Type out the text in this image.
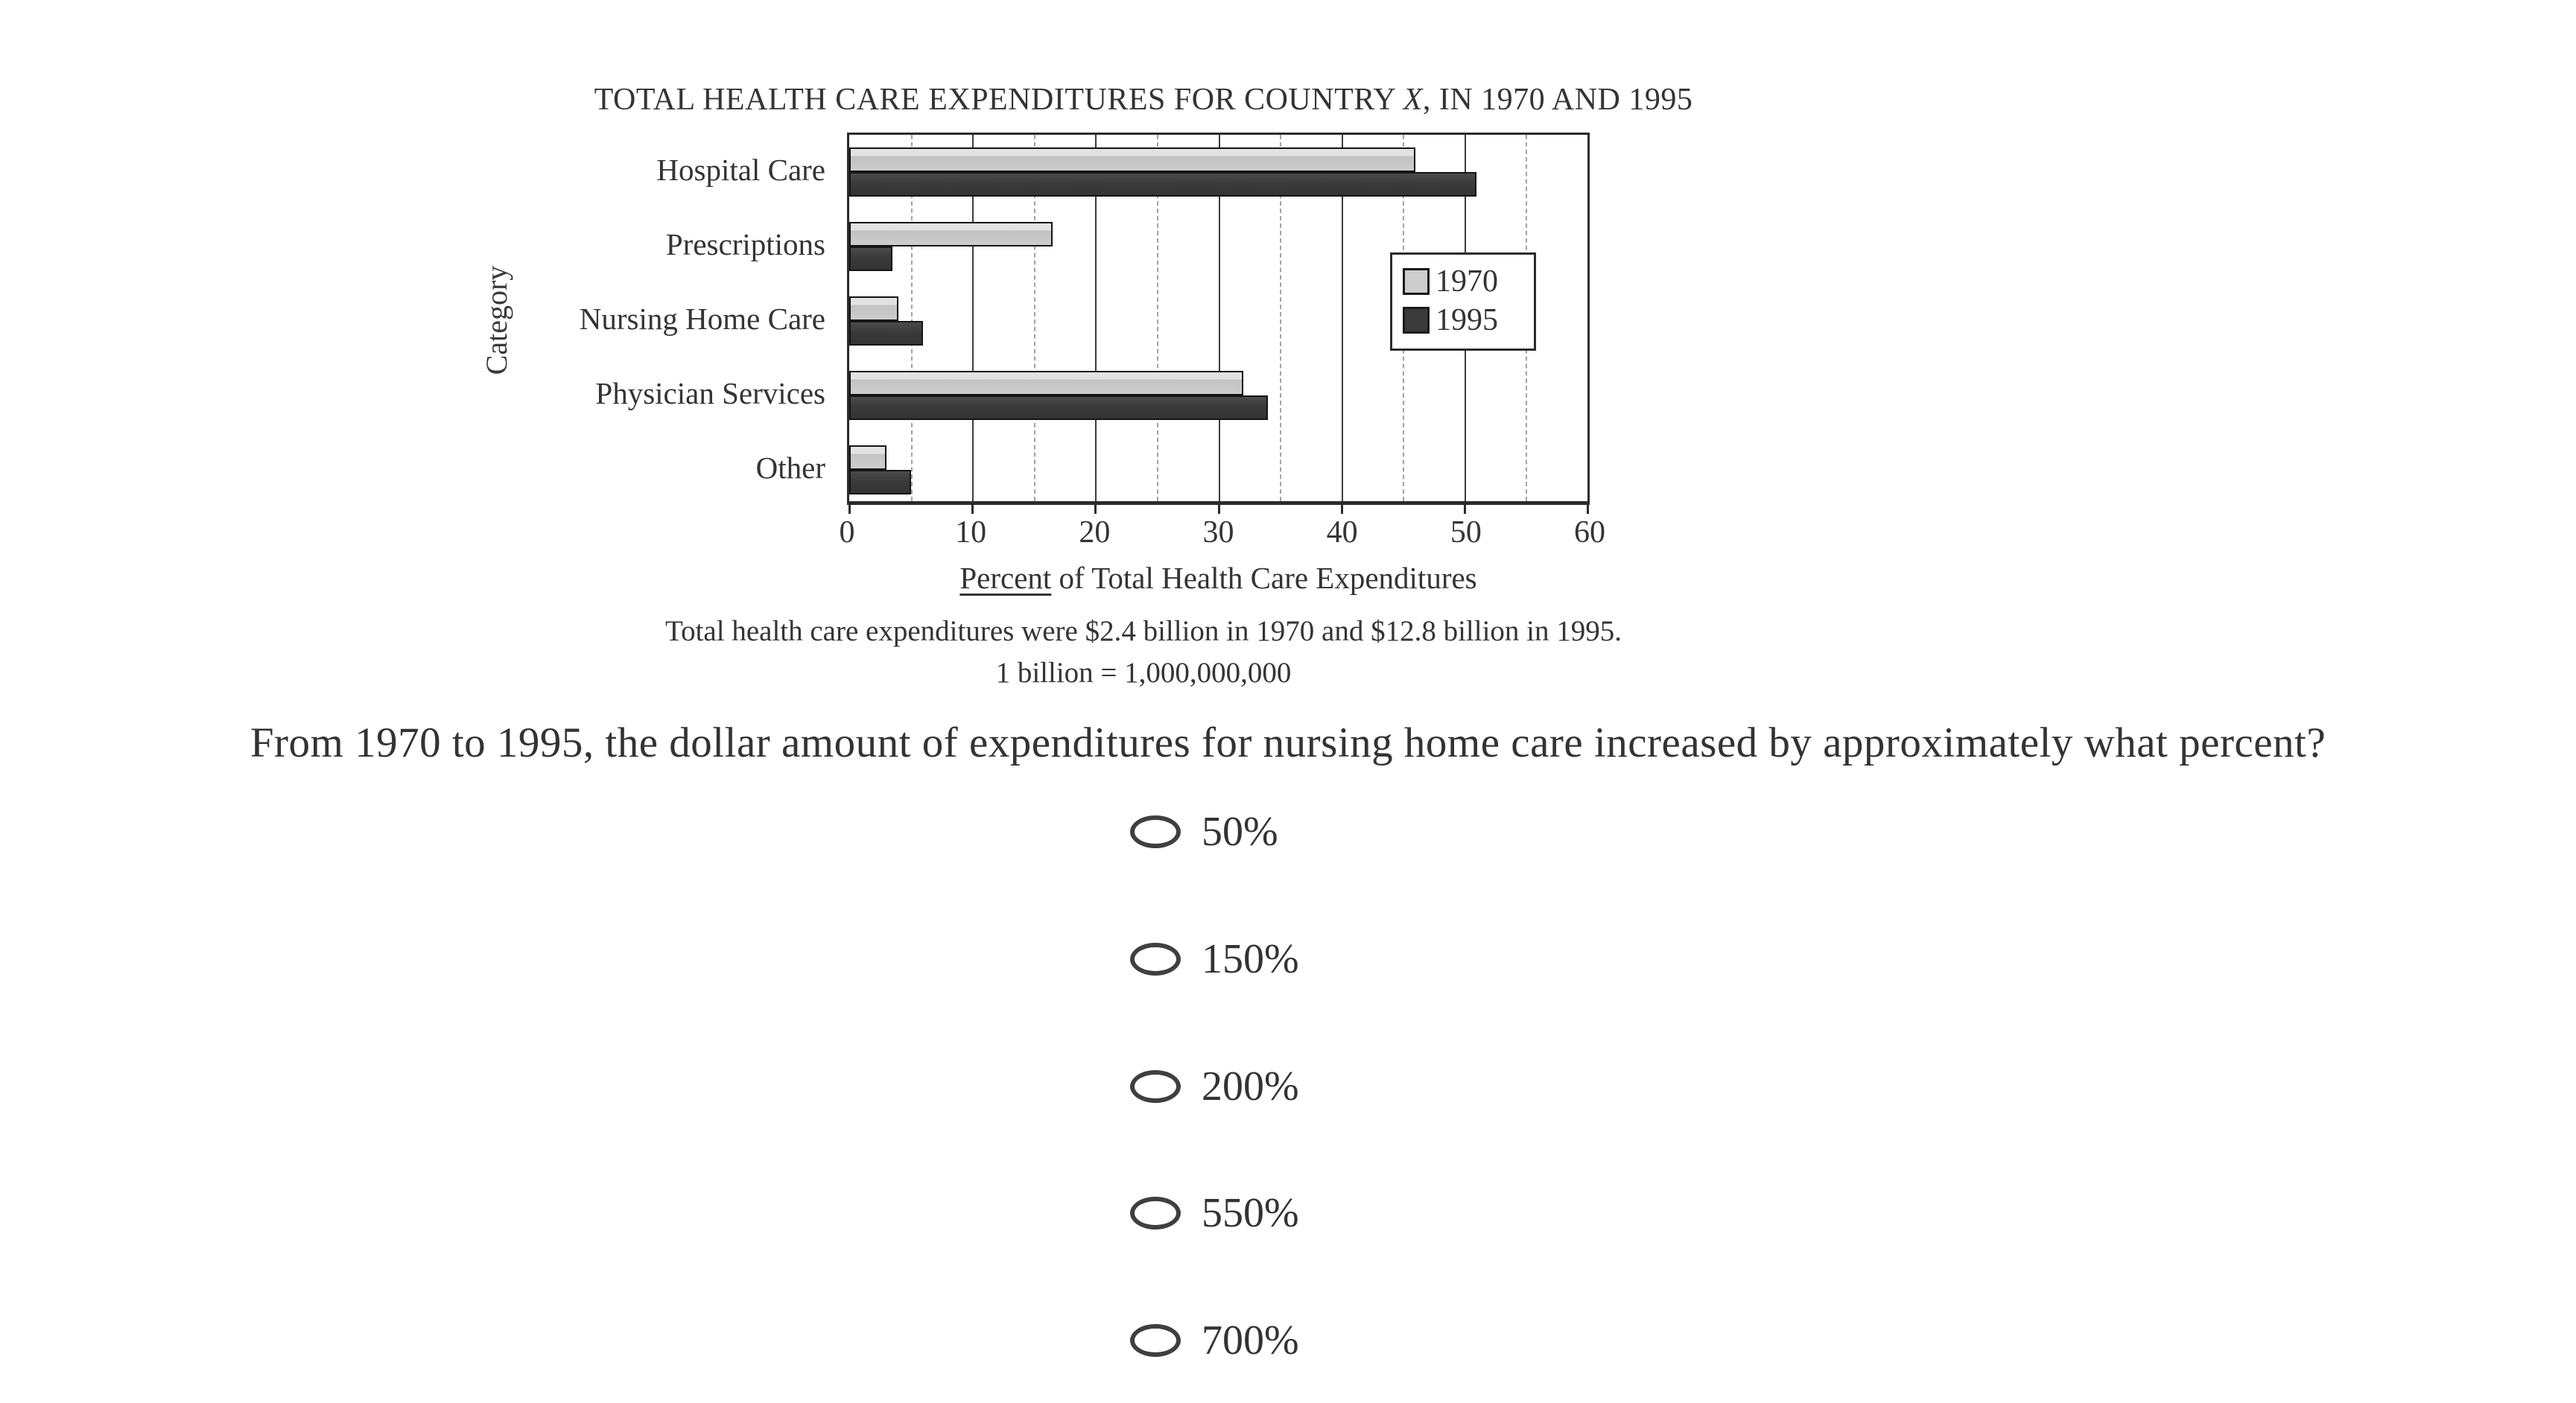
TOTAL HEALTH CARE EXPENDITURES FOR COUNTRY X, IN 1970 AND 1995
Category
Hospital Care
Prescriptions
Nursing Home Care
Physician Services
Other
1970
1995
0	10	20	30	40	50	60
Percent of Total Health Care Expenditures
Total health care expenditures were $2.4 billion in 1970 and $12.8 billion in 1995.
1 billion = 1,000,000,000
From 1970 to 1995, the dollar amount of expenditures for nursing home care increased by approximately what percent?
50%
150%
200%
550%
700%
